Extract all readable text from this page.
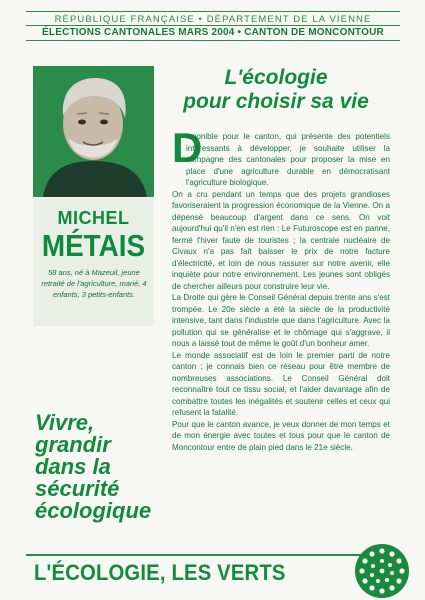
RÉPUBLIQUE FRANÇAISE • DÉPARTEMENT DE LA VIENNE
ÉLECTIONS CANTONALES MARS 2004 • CANTON DE MONCONTOUR
MICHEL
MÉTAIS
58 ans, né à Mazeuil, jeune retraité de l'agriculture, marié, 4 enfants, 3 petits-enfants.
L'écologie
pour choisir sa vie
D

isponible pour le canton, qui présente des potentiels intéressants à développer, je souhaite utiliser la campagne des cantonales pour proposer la mise en place d'une agriculture durable en démocratisant l'agriculture biologique.

On a cru pendant un temps que des projets grandioses favoriseraient la progression économique de la Vienne. On a dépensé beaucoup d'argent dans ce sens. On voit aujourd'hui qu'il n'en est rien : Le Futuroscope est en panne, fermé l'hiver faute de touristes ; la centrale nucléaire de Civaux n'a pas fait baisser le prix de notre facture d'électricité, et loin de nous rassurer sur notre avenir, elle inquiète pour notre environnement. Les jeunes sont obligés de chercher ailleurs pour construire leur vie.

La Droite qui gère le Conseil Général depuis trente ans s'est trompée. Le 20e siècle a été la siècle de la productivité intensive, tant dans l'industrie que dans l'agriculture. Avec la pollution qui se généralise et le chômage qui s'aggrave, il nous a laissé tout de même le goût d'un bonheur amer.

Le monde associatif est de loin le premier parti de notre canton ; je connais bien ce réseau pour être membre de nombreuses associations. Le Conseil Général doit reconnaître tout ce tissu social, et l'aider davantage afin de combattre toutes les inégalités et soutenir celles et ceux qui refusent la fatalité.

Pour que le canton avance, je veux donner de mon temps et de mon énergie avec toutes et tous pour que le canton de Moncontour entre de plain pied dans le 21e siècle.

Vivre,
grandir
dans la
sécurité
écologique
L'ÉCOLOGIE, LES VERTS
